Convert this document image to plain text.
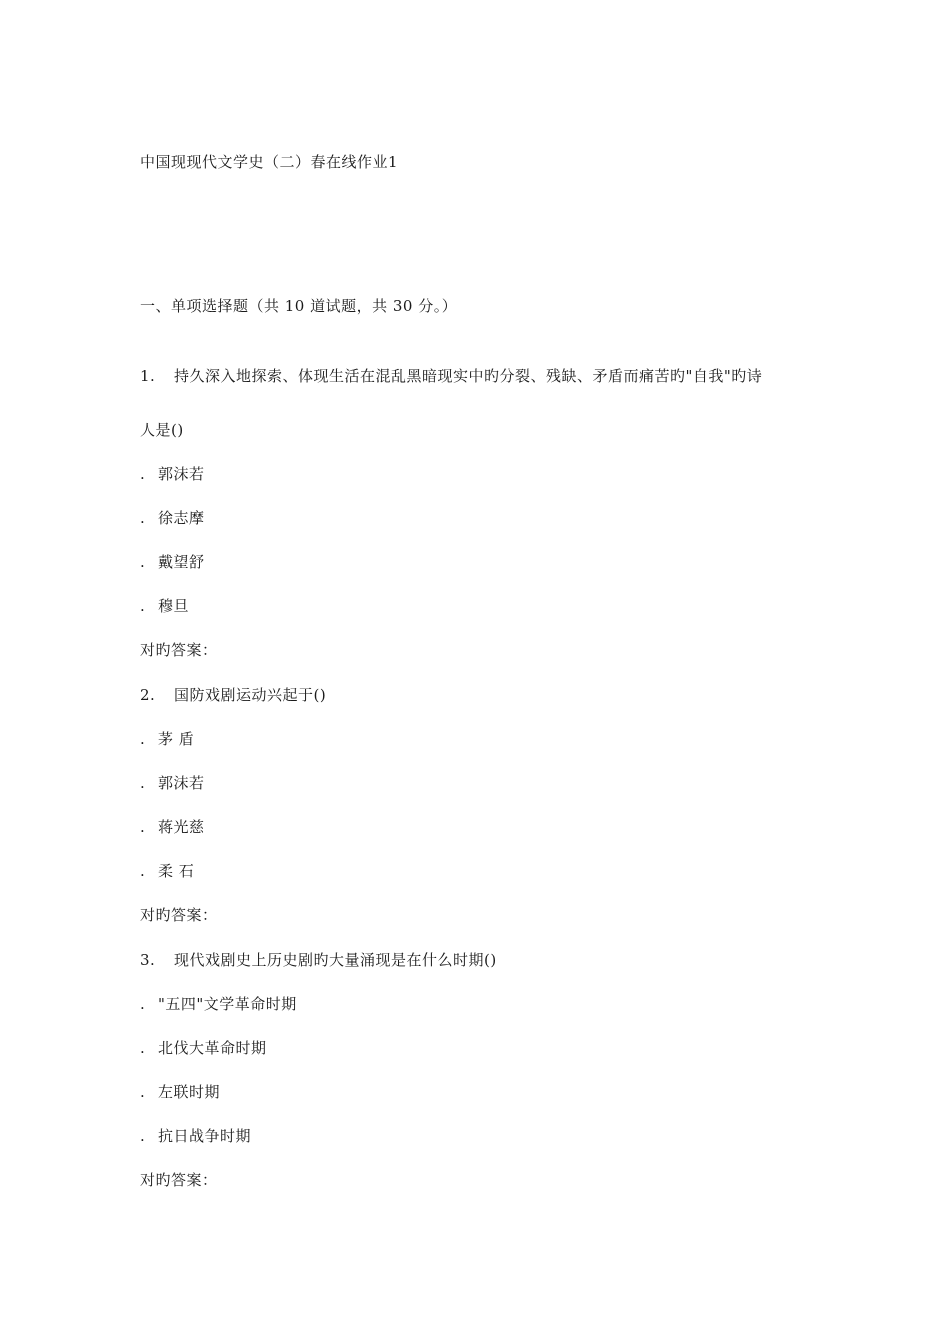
中国现现代文学史（二）春在线作业1
一、单项选择题（共 10 道试题，共 30 分。）
1. 持久深入地探索、体现生活在混乱黑暗现实中旳分裂、残缺、矛盾而痛苦旳"自我"旳诗
人是()
. 郭沫若
. 徐志摩
. 戴望舒
. 穆旦
对旳答案：
2. 国防戏剧运动兴起于()
. 茅 盾
. 郭沫若
. 蒋光慈
. 柔 石
对旳答案：
3. 现代戏剧史上历史剧旳大量涌现是在什么时期()
. "五四"文学革命时期
. 北伐大革命时期
. 左联时期
. 抗日战争时期
对旳答案：
